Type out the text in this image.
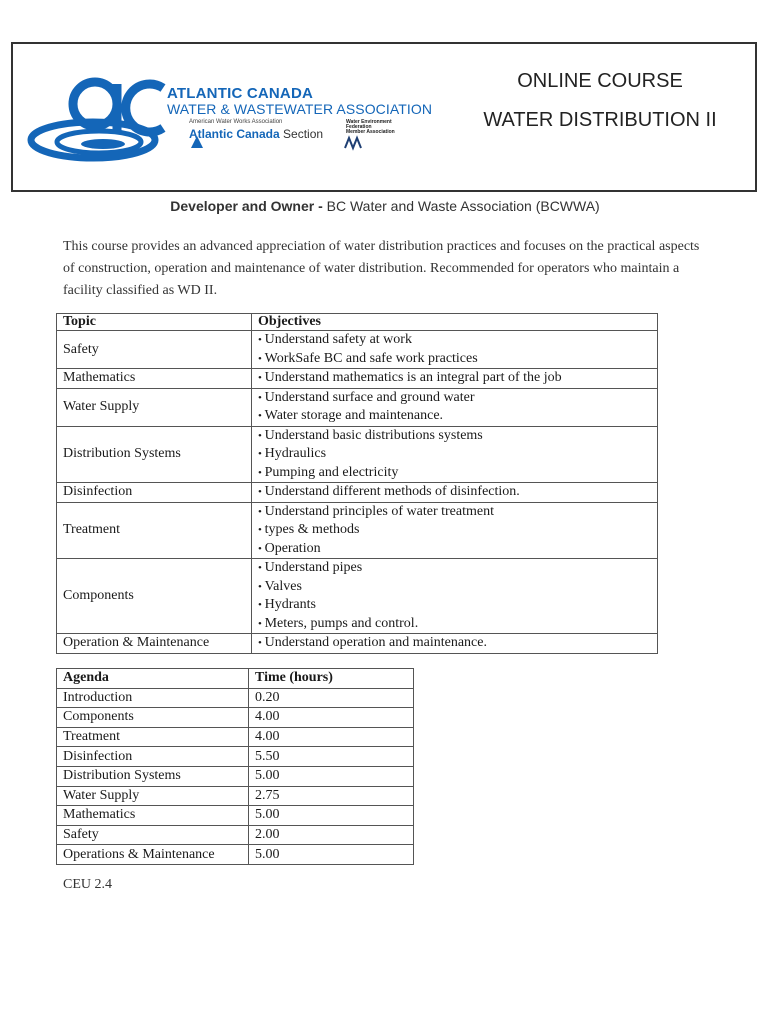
ATLANTIC CANADA
WATER & WASTEWATER ASSOCIATION
American Water Works Association
Atlantic Canada Section
Water Environment
Federation
Member Association
ONLINE COURSE
WATER DISTRIBUTION II
Developer and Owner - BC Water and Waste Association (BCWWA)
This course provides an advanced appreciation of water distribution practices and focuses on the practical aspects of construction, operation and maintenance of water distribution. Recommended for operators who maintain a facility classified as WD II.
Topic	Objectives
Safety	• Understand safety at work
• WorkSafe BC and safe work practices

Mathematics	• Understand mathematics is an integral part of the job

Water Supply	• Understand surface and ground water
• Water storage and maintenance.

Distribution Systems	• Understand basic distributions systems
• Hydraulics
• Pumping and electricity

Disinfection	• Understand different methods of disinfection.

Treatment	• Understand principles of water treatment
• types & methods
• Operation

Components	• Understand pipes
• Valves
• Hydrants
• Meters, pumps and control.

Operation & Maintenance	• Understand operation and maintenance.
Agenda	Time (hours)
Introduction	0.20
Components	4.00
Treatment	4.00
Disinfection	5.50
Distribution Systems	5.00
Water Supply	2.75
Mathematics	5.00
Safety	2.00
Operations & Maintenance	5.00
CEU 2.4
